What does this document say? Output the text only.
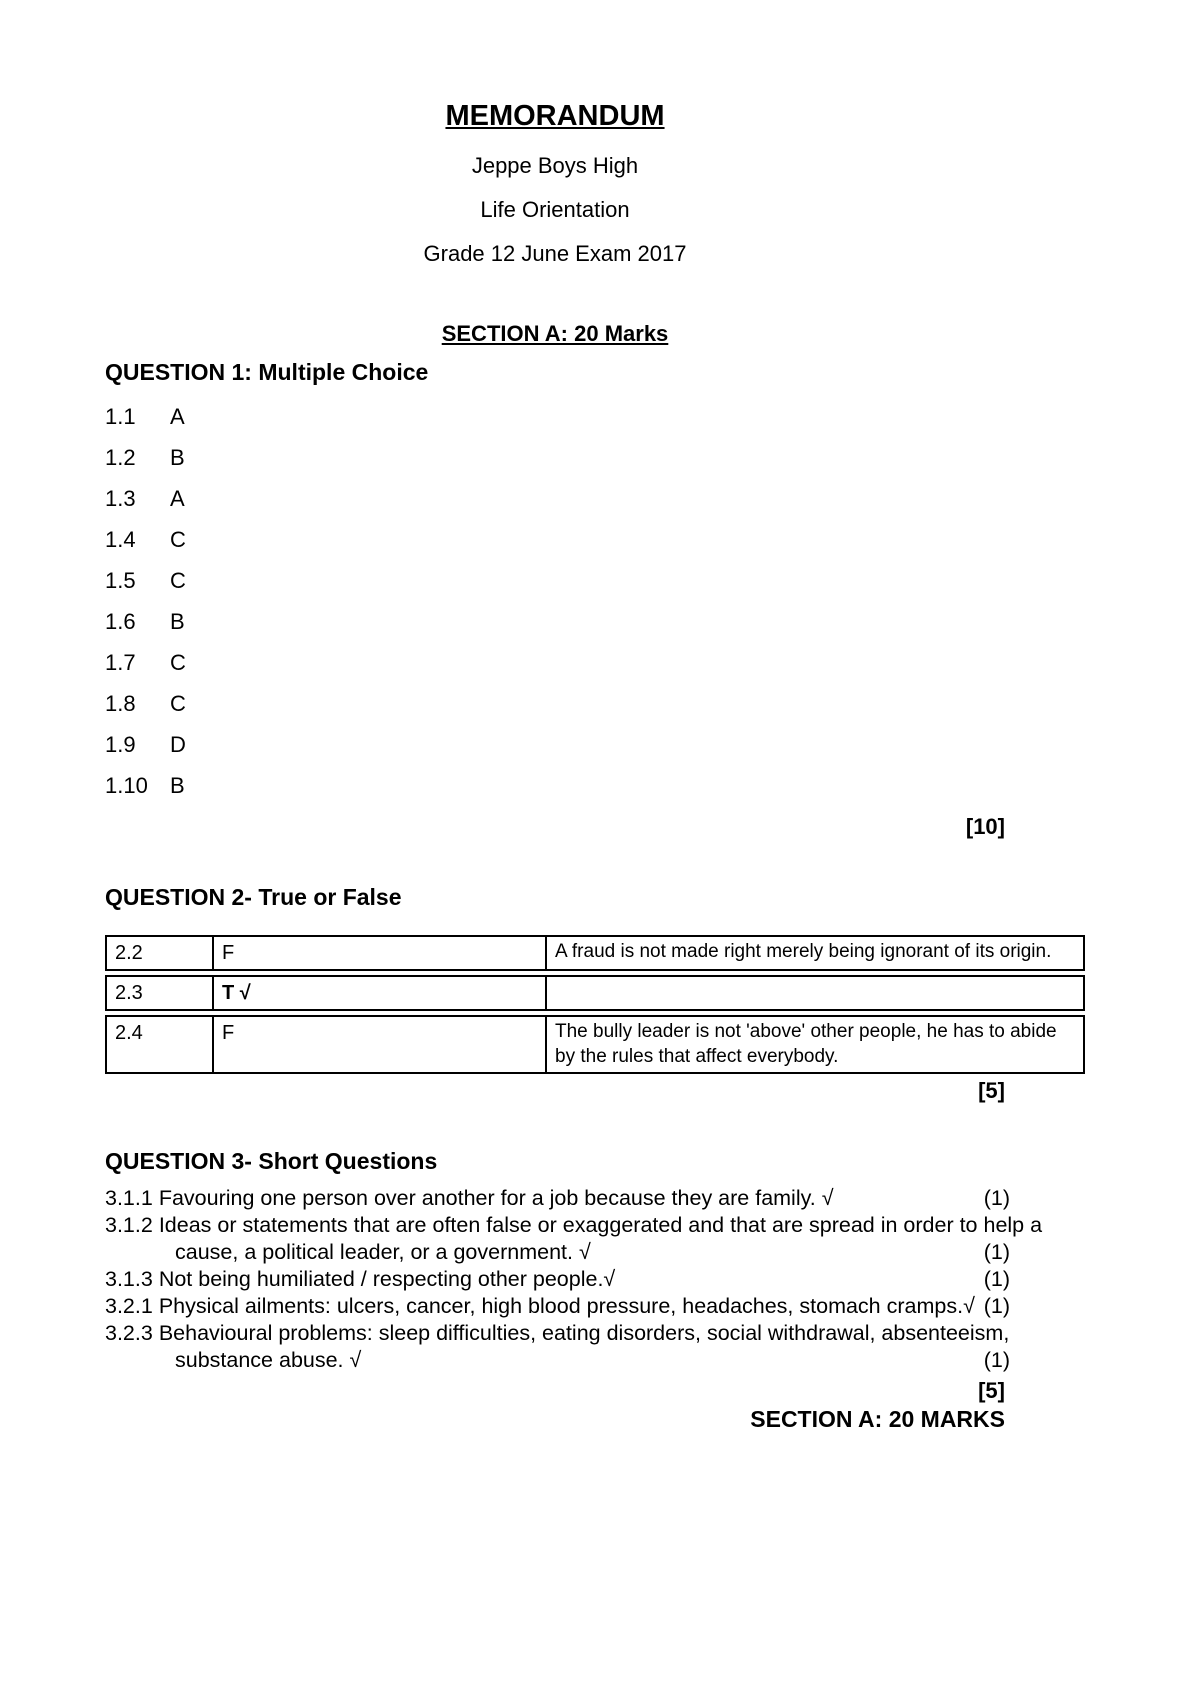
MEMORANDUM
Jeppe Boys High
Life Orientation
Grade 12 June Exam 2017
SECTION A: 20 Marks
QUESTION 1: Multiple Choice
1.1	A
1.2	B
1.3	A
1.4	C
1.5	C
1.6	B
1.7	C
1.8	C
1.9	D
1.10	B
[10]
QUESTION 2- True or False
2.2	F	A fraud is not made right merely being ignorant of its origin.
2.3	T √
2.4	F	The bully leader is not 'above' other people, he has to abide by the rules that affect everybody.
[5]
QUESTION 3- Short Questions
3.1.1 Favouring one person over another for a job because they are family. √	(1)
3.1.2 Ideas or statements that are often false or exaggerated and that are spread in order to help a cause, a political leader, or a government. √	(1)
3.1.3 Not being humiliated / respecting other people.√	(1)
3.2.1 Physical ailments: ulcers, cancer, high blood pressure, headaches, stomach cramps.√ (1)
3.2.3 Behavioural problems: sleep difficulties, eating disorders, social withdrawal, absenteeism, substance abuse. √	(1)
[5]
SECTION A: 20 MARKS
